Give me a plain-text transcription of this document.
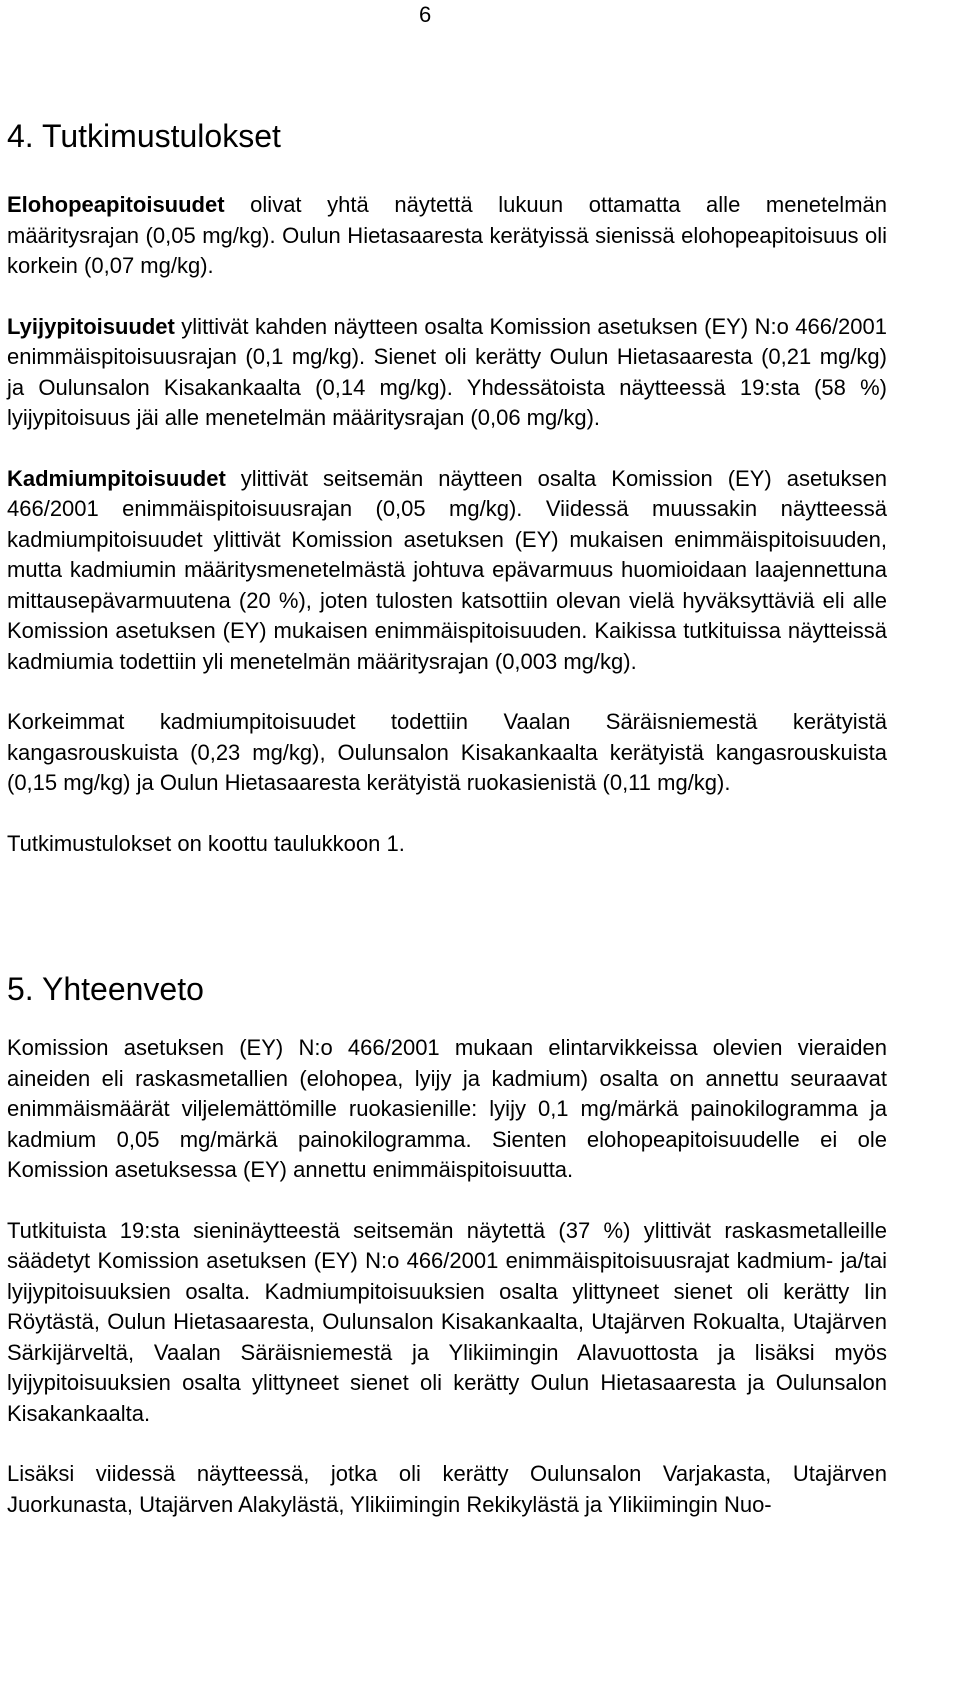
6
4. Tutkimustulokset

Elohopeapitoisuudet olivat yhtä näytettä lukuun ottamatta alle menetelmän määritysrajan (0,05 mg/kg). Oulun Hietasaaresta kerätyissä sienissä elohopeapitoisuus oli korkein (0,07 mg/kg).

Lyijypitoisuudet ylittivät kahden näytteen osalta Komission asetuksen (EY) N:o 466/2001 enimmäispitoisuusrajan (0,1 mg/kg). Sienet oli kerätty Oulun Hietasaaresta (0,21 mg/kg) ja Oulunsalon Kisakankaalta (0,14 mg/kg). Yhdessätoista näytteessä 19:sta (58 %) lyijypitoisuus jäi alle menetelmän määritysrajan (0,06 mg/kg).

Kadmiumpitoisuudet ylittivät seitsemän näytteen osalta Komission (EY) asetuksen 466/2001 enimmäispitoisuusrajan (0,05 mg/kg). Viidessä muussakin näytteessä kadmiumpitoisuudet ylittivät Komission asetuksen (EY) mukaisen enimmäispitoisuuden, mutta kadmiumin määritysmenetelmästä johtuva epävarmuus huomioidaan laajennettuna mittausepävarmuutena (20 %), joten tulosten katsottiin olevan vielä hyväksyttäviä eli alle Komission asetuksen (EY) mukaisen enimmäispitoisuuden. Kaikissa tutkituissa näytteissä kadmiumia todettiin yli menetelmän määritysrajan (0,003 mg/kg).

Korkeimmat kadmiumpitoisuudet todettiin Vaalan Säräisniemestä kerätyistä kangasrouskuista (0,23 mg/kg), Oulunsalon Kisakankaalta kerätyistä kangasrouskuista (0,15 mg/kg) ja Oulun Hietasaaresta kerätyistä ruokasienistä (0,11 mg/kg).

Tutkimustulokset on koottu taulukkoon 1.

5. Yhteenveto

Komission asetuksen (EY) N:o 466/2001 mukaan elintarvikkeissa olevien vieraiden aineiden eli raskasmetallien (elohopea, lyijy ja kadmium) osalta on annettu seuraavat enimmäismäärät viljelemättömille ruokasienille: lyijy 0,1 mg/märkä painokilogramma ja kadmium 0,05 mg/märkä painokilogramma. Sienten elohopeapitoisuudelle ei ole Komission asetuksessa (EY) annettu enimmäispitoisuutta.

Tutkituista 19:sta sieninäytteestä seitsemän näytettä (37 %) ylittivät raskasmetalleille säädetyt Komission asetuksen (EY) N:o 466/2001 enimmäispitoisuusrajat kadmium- ja/tai lyijypitoisuuksien osalta. Kadmiumpitoisuuksien osalta ylittyneet sienet oli kerätty Iin Röytästä, Oulun Hietasaaresta, Oulunsalon Kisakankaalta, Utajärven Rokualta, Utajärven Särkijärveltä, Vaalan Säräisniemestä ja Ylikiimingin Alavuottosta ja lisäksi myös lyijypitoisuuksien osalta ylittyneet sienet oli kerätty Oulun Hietasaaresta ja Oulunsalon Kisakankaalta.

Lisäksi viidessä näytteessä, jotka oli kerätty Oulunsalon Varjakasta, Utajärven Juorkunasta, Utajärven Alakylästä, Ylikiimingin Rekikylästä ja Ylikiimingin Nuo-
